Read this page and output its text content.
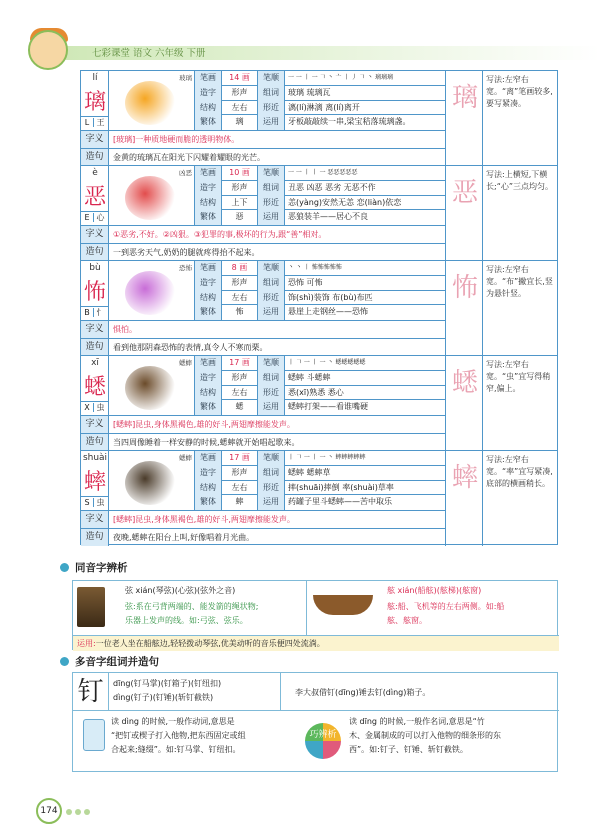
七彩课堂 语文 六年级 下册
lí
璃
L 王
玻璃	笔画	14 画	笔顺	⼀ ⼀ ⼁ ⼀ 𠃍 ⼂ 亠 ⼁ ⼃ 𠃍 ⼂ 璃璃璃
造字	形声	组词	玻璃 琉璃瓦
结构	左右	形近	漓(lí)淋漓 离(lí)离开
繁体	璃	运用	牙板敲敲续一串,梁宝秸落琉璃盏。
字义	[玻璃]一种质地硬而脆的透明物体。
造句	金黄的琉璃瓦在阳光下闪耀着耀眼的光芒。
璃
写法:左窄右宽。“离”笔画较多,要写紧凑。
è
恶
E 心
凶恶	笔画	10 画	笔顺	⼀ ⼀ ⼁ ⼁ ⼀ 恶恶恶恶恶
造字	形声	组词	丑恶 凶恶 恶劣 无恶不作
结构	上下	形近	恙(yàng)安然无恙 恋(liàn)依恋
繁体	惡	运用	恶狼装羊——居心不良
字义	①恶劣,不好。②凶狠。③犯罪的事,极坏的行为,跟“善”相对。
造句	一到恶劣天气,奶奶的腿就疼得抬不起来。
恶
写法:上横短,下横长;“心”三点均匀。
bù
怖
B 忄
恐怖	笔画	8 画	笔顺	⼂ ⼂ ⼁ 怖怖怖怖怖
造字	形声	组词	恐怖 可怖
结构	左右	形近	饰(shì)装饰 布(bù)布匹
繁体	怖	运用	悬崖上走钢丝——恐怖
字义	惧怕。
造句	看到他那阴森恐怖的表情,真令人不寒而栗。
怖
写法:左窄右宽。“布”撇宜长,竖为悬针竖。
xī
蟋
X 虫
蟋蟀	笔画	17 画	笔顺	⼁ 𠃍 ⼀ ⼁ ⼀ ⼂ 蟋蟋蟋蟋蟋
造字	形声	组词	蟋蟀 斗蟋蟀
结构	左右	形近	悉(xī)熟悉 悉心
繁体	蟋	运用	蟋蟀打架——看谁嘴硬
字义	[蟋蟀]昆虫,身体黑褐色,雄的好斗,两翅摩擦能发声。
造句	当四周像睡着一样安静的时候,蟋蟀就开始唱起歌来。
蟋
写法:左窄右宽。“虫”宜写得稍窄,偏上。
shuài
蟀
S 虫
蟋蟀	笔画	17 画	笔顺	⼁ 𠃍 ⼀ ⼁ ⼀ ⼂ 蟀蟀蟀蟀蟀
造字	形声	组词	蟋蟀 蟋蟀草
结构	左右	形近	摔(shuāi)摔倒 率(shuài)草率
繁体	蟀	运用	药罐子里斗蟋蟀——苦中取乐
字义	[蟋蟀]昆虫,身体黑褐色,雄的好斗,两翅摩擦能发声。
造句	夜晚,蟋蟀在阳台上叫,好像唱着月光曲。
蟀
写法:左窄右宽。“率”宜写紧凑,底部的横画稍长。
同音字辨析
弦 xián(琴弦)(心弦)(弦外之音)
弦:系在弓背两端的、能发箭的绳状物;
乐器上发声的线。如:弓弦、弦乐。
舷 xián(船舷)(舷梯)(舷窗)
舷:船、飞机等的左右两侧。如:船
舷、舷窗。
运用:一位老人坐在船舷边,轻轻拨动琴弦,优美动听的音乐便四处流淌。
多音字组词并造句
钉	dīng(钉马掌)(钉箱子)(钉纽扣)
dìng(钉子)(钉锤)(斩钉截铁)
李大叔借钉(dīng)锤去钉(dìng)箱子。
读 dìng 的时候,一般作动词,意思是
“把钉或楔子打入他物,把东西固定或组
合起来;缝缀”。如:钉马掌、钉纽扣。
巧辨析
读 dīng 的时候,一般作名词,意思是“竹
木、金属制成的可以打入他物的细条形的东
西”。如:钉子、钉锤、斩钉截铁。
174
